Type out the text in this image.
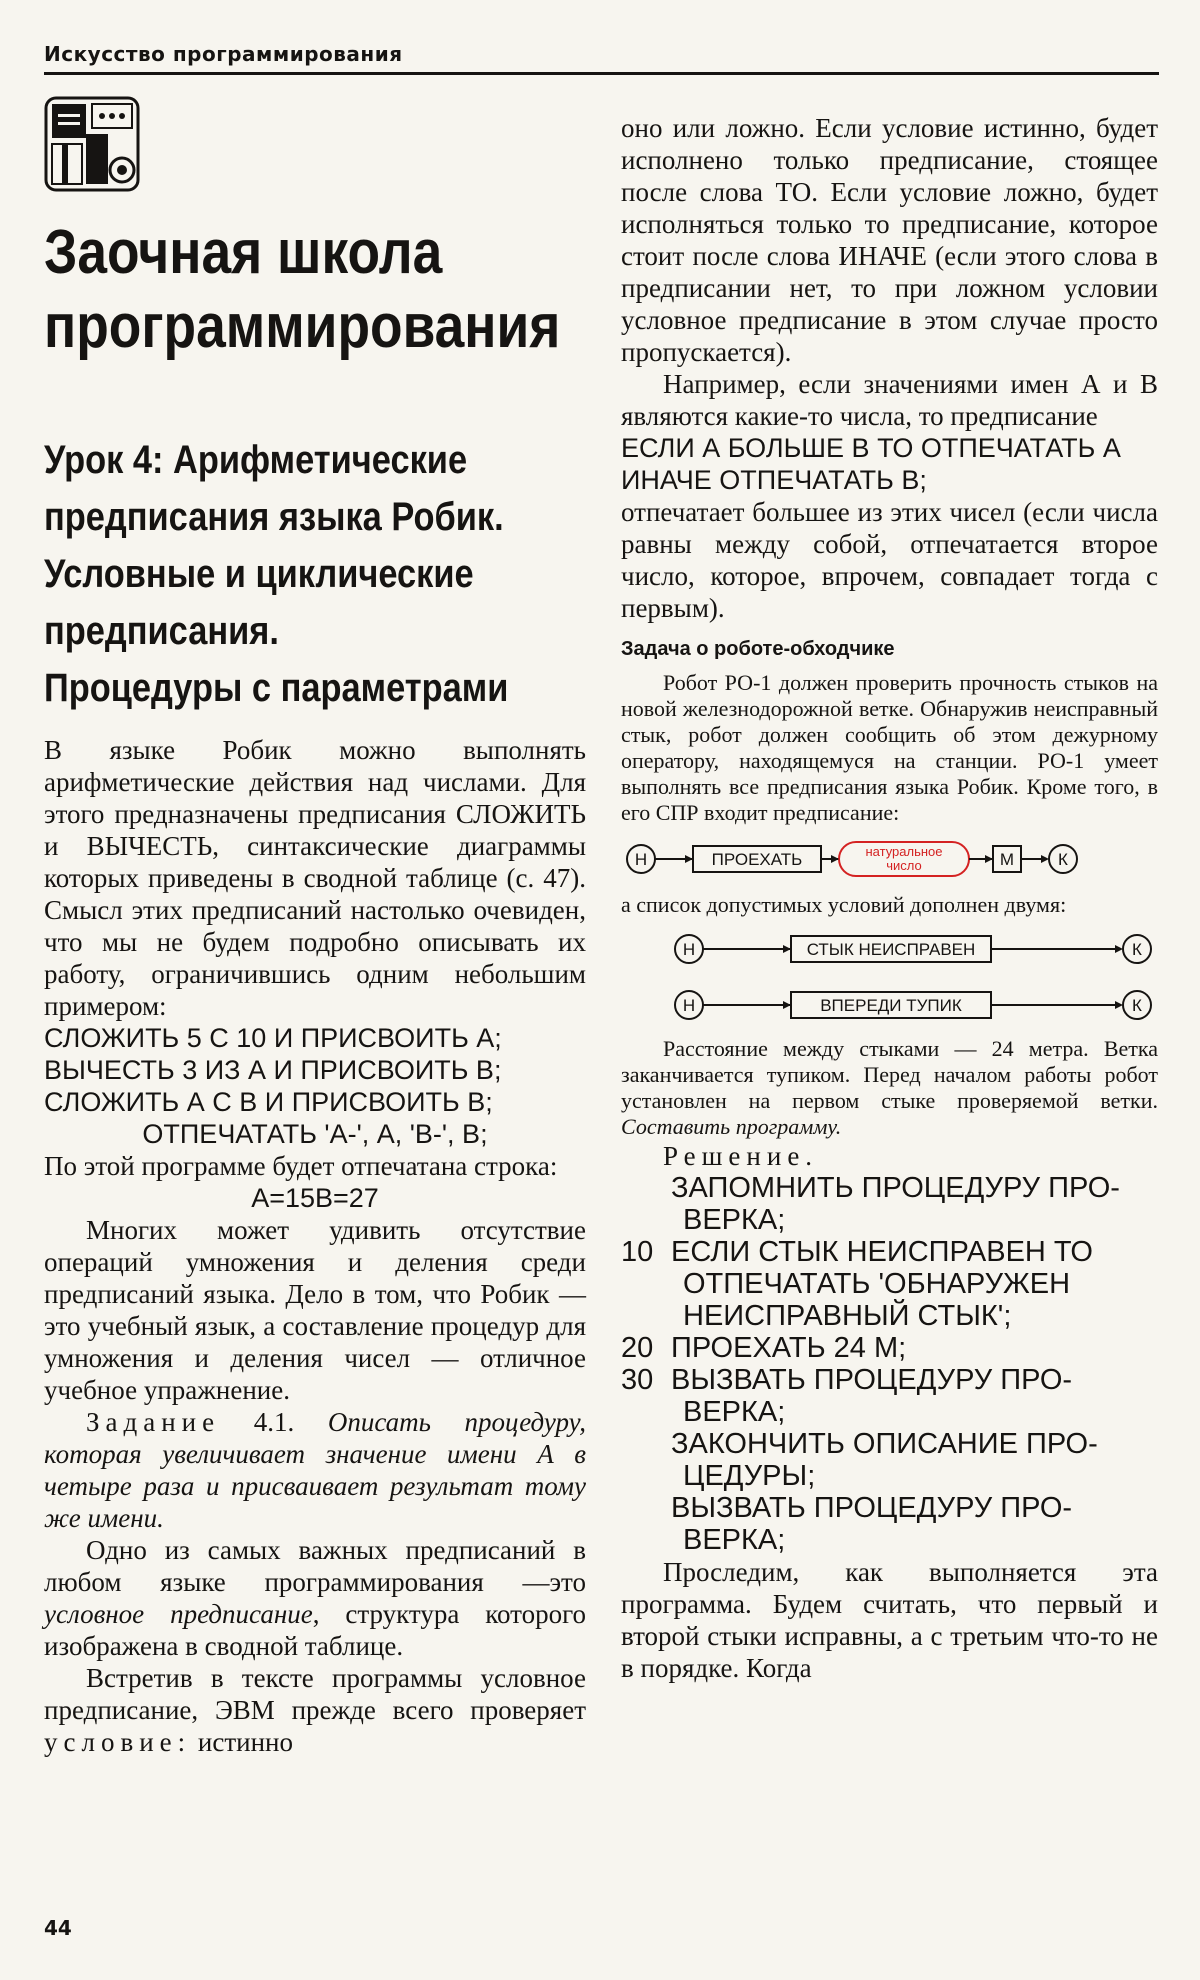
Искусство программирования
Заочная школа
программирования
Урок 4: Арифметические
предписания языка Робик.
Условные и циклические
предписания.
Процедуры с параметрами

В языке Робик можно выполнять арифметические действия над числами. Для этого предназначены предписания СЛОЖИТЬ и ВЫЧЕСТЬ, синтаксические диаграммы которых приведены в сводной таблице (с. 47). Смысл этих предписаний настолько очевиден, что мы не будем подробно описывать их работу, ограничившись одним небольшим примером:

СЛОЖИТЬ 5 С 10 И ПРИСВОИТЬ А;

ВЫЧЕСТЬ 3 ИЗ А И ПРИСВОИТЬ В;

СЛОЖИТЬ А С В И ПРИСВОИТЬ В;

ОТПЕЧАТАТЬ 'А-', А, 'В-', В;

По этой программе будет отпечатана строка:

А=15В=27

Многих может удивить отсутствие операций умножения и деления среди предписаний языка. Дело в том, что Робик — это учебный язык, а составление процедур для умножения и деления чисел — отличное учебное упражнение.

Задание 4.1. Описать процедуру, которая увеличивает значение имени А в четыре раза и присваивает результат тому же имени.

Одно из самых важных предписаний в любом языке программирования —это условное предписание, структура которого изображена в сводной таблице.

Встретив в тексте программы условное предписание, ЭВМ прежде всего проверяет условие: истинно

оно или ложно. Если условие истинно, будет исполнено только предписание, стоящее после слова ТО. Если условие ложно, будет исполняться только то предписание, которое стоит после слова ИНАЧЕ (если этого слова в предписании нет, то при ложном условии условное предписание в этом случае просто пропускается).

Например, если значениями имен А и В являются какие-то числа, то предписание

ЕСЛИ А БОЛЬШЕ В ТО ОТПЕЧАТАТЬ А ИНАЧЕ ОТПЕЧАТАТЬ В;

отпечатает большее из этих чисел (если числа равны между собой, отпечатается второе число, которое, впрочем, совпадает тогда с первым).

Задача о роботе-обходчике

Робот РО-1 должен проверить прочность стыков на новой железнодорожной ветке. Обнаружив неисправный стык, робот должен сообщить об этом дежурному оператору, находящемуся на станции. РО-1 умеет выполнять все предписания языка Робик. Кроме того, в его СПР входит предписание:

Н	ПРОЕХАТЬ	натуральное
число	М	К

а список допустимых условий дополнен двумя:

Н	СТЫК НЕИСПРАВЕН	К
Н	ВПЕРЕДИ ТУПИК	К

Расстояние между стыками — 24 метра. Ветка заканчивается тупиком. Перед началом работы робот установлен на первом стыке проверяемой ветки. Составить программу.

Решение.

ЗАПОМНИТЬ ПРОЦЕДУРУ ПРО-
ВЕРКА;
10 ЕСЛИ СТЫК НЕИСПРАВЕН ТО
ОТПЕЧАТАТЬ 'ОБНАРУЖЕН НЕИСПРАВНЫЙ СТЫК';
20 ПРОЕХАТЬ 24 М;
30 ВЫЗВАТЬ ПРОЦЕДУРУ ПРО-
ВЕРКА;
ЗАКОНЧИТЬ ОПИСАНИЕ ПРО-
ЦЕДУРЫ;
ВЫЗВАТЬ ПРОЦЕДУРУ ПРО-
ВЕРКА;

Проследим, как выполняется эта программа. Будем считать, что первый и второй стыки исправны, а с третьим что-то не в порядке. Когда

44
